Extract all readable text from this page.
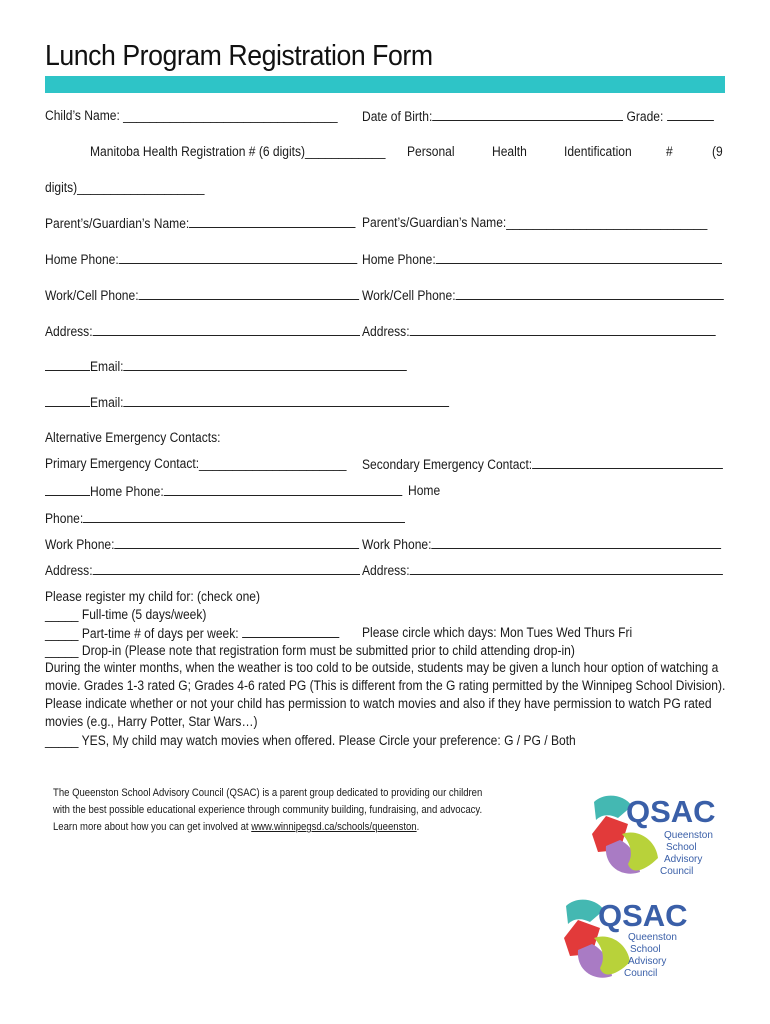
Lunch Program Registration Form
Child’s Name: ________________________________ Date of Birth:	Grade:
Manitoba Health Registration # (6 digits)____________ Personal	Health	Identification	#	(9
digits)___________________
Parent’s/Guardian’s Name:	Parent’s/Guardian’s Name:______________________________
Home Phone:	Home Phone:
Work/Cell Phone:	Work/Cell Phone:
Address:	Address:
Email:
Email:
Alternative Emergency Contacts:
Primary Emergency Contact:______________________ Secondary Emergency Contact:
Home Phone:	Home
Phone:
Work Phone:	Work Phone:
Address:	Address:
Please register my child for: (check one)
_____ Full-time (5 days/week)
_____ Part-time # of days per week:	Please circle which days: Mon Tues Wed Thurs Fri
_____ Drop-in (Please note that registration form must be submitted prior to child attending drop-in)
During the winter months, when the weather is too cold to be outside, students may be given a lunch hour option of watching a movie. Grades 1-3 rated G; Grades 4-6 rated PG (This is different from the G rating permitted by the Winnipeg School Division). Please indicate whether or not your child has permission to watch movies and also if they have permission to watch PG rated movies (e.g., Harry Potter, Star Wars…)
_____ YES, My child may watch movies when offered. Please Circle your preference: G / PG / Both
The Queenston School Advisory Council (QSAC) is a parent group dedicated to providing our children
with the best possible educational experience through community building, fundraising, and advocacy.
Learn more about how you can get involved at www.winnipegsd.ca/schools/queenston.	QSAC
Queenston
School
Advisory
Council
QSAC
Queenston
School
Advisory
Council
